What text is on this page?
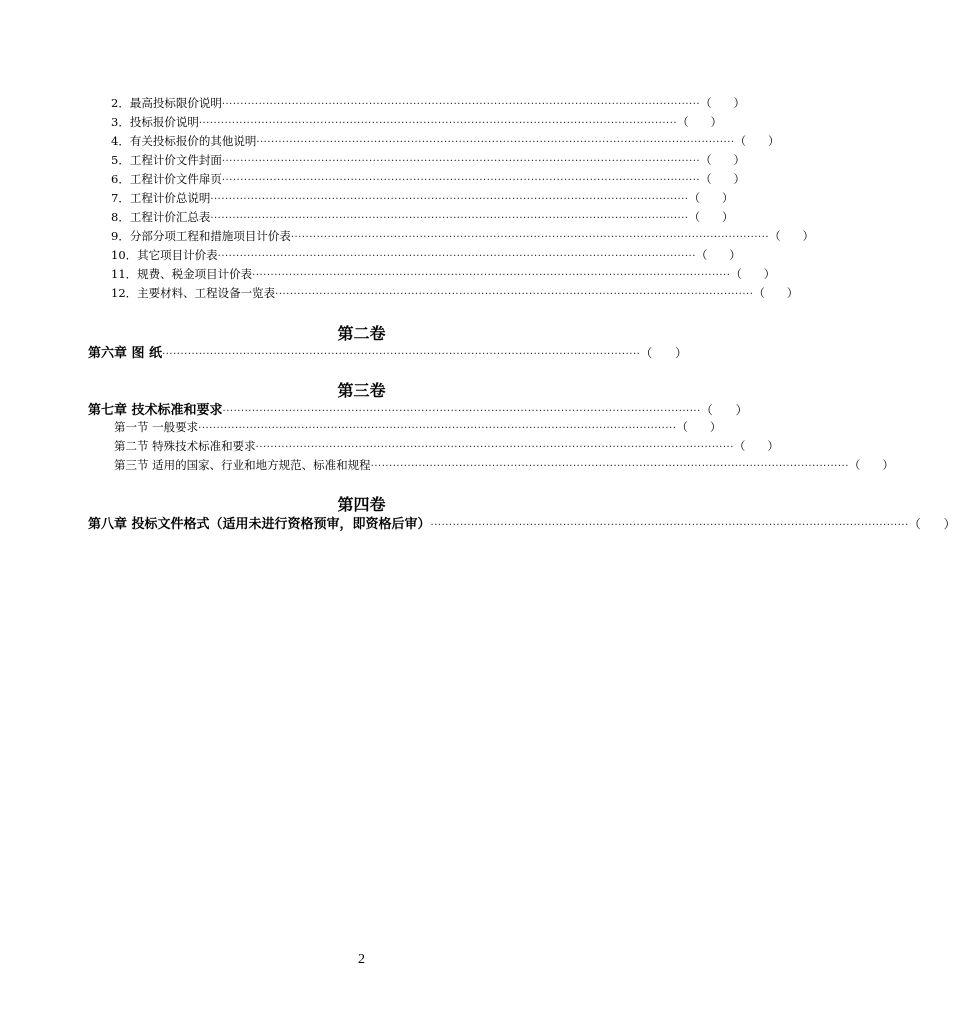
2． 最高投标限价说明 ·································································································································· （      ）
3． 投标报价说明 ·································································································································· （      ）
4． 有关投标报价的其他说明 ·································································································································· （      ）
5． 工程计价文件封面 ·································································································································· （      ）
6． 工程计价文件扉页 ·································································································································· （      ）
7． 工程计价总说明 ·································································································································· （      ）
8． 工程计价汇总表 ·································································································································· （      ）
9． 分部分项工程和措施项目计价表 ·································································································································· （      ）
10． 其它项目计价表 ·································································································································· （      ）
11． 规费、税金项目计价表 ·································································································································· （      ）
12． 主要材料、工程设备一览表 ·································································································································· （      ）
第二卷
第六章 图 纸 ·································································································································· （      ）
第三卷
第七章 技术标准和要求 ·································································································································· （      ）
第一节 一般要求 ·································································································································· （      ）
第二节 特殊技术标准和要求 ·································································································································· （      ）
第三节 适用的国家、行业和地方规范、标准和规程 ·································································································································· （      ）
第四卷
第八章 投标文件格式（适用未进行资格预审，即资格后审） ·································································································································· （      ）
2
